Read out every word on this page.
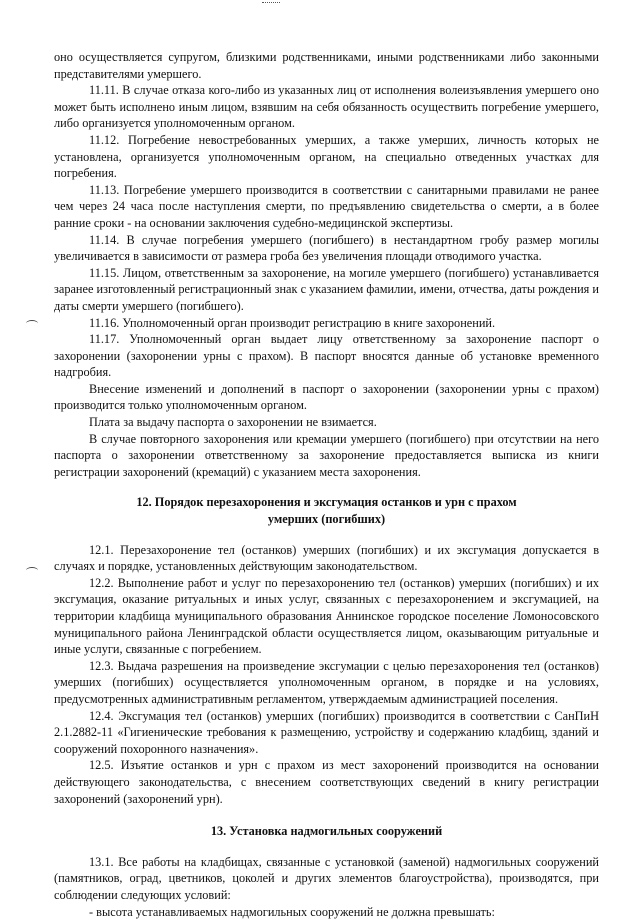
оно осуществляется супругом, близкими родственниками, иными родственниками либо законными представителями умершего.

11.11. В случае отказа кого-либо из указанных лиц от исполнения волеизъявления умершего оно может быть исполнено иным лицом, взявшим на себя обязанность осуществить погребение умершего, либо организуется уполномоченным органом.

11.12. Погребение невостребованных умерших, а также умерших, личность которых не установлена, организуется уполномоченным органом, на специально отведенных участках для погребения.

11.13. Погребение умершего производится в соответствии с санитарными правилами не ранее чем через 24 часа после наступления смерти, по предъявлению свидетельства о смерти, а в более ранние сроки - на основании заключения судебно-медицинской экспертизы.

11.14. В случае погребения умершего (погибшего) в нестандартном гробу размер могилы увеличивается в зависимости от размера гроба без увеличения площади отводимого участка.

11.15. Лицом, ответственным за захоронение, на могиле умершего (погибшего) устанавливается заранее изготовленный регистрационный знак с указанием фамилии, имени, отчества, даты рождения и даты смерти умершего (погибшего).

11.16. Уполномоченный орган производит регистрацию в книге захоронений.

11.17. Уполномоченный орган выдает лицу ответственному за захоронение паспорт о захоронении (захоронении урны с прахом). В паспорт вносятся данные об установке временного надгробия.

Внесение изменений и дополнений в паспорт о захоронении (захоронении урны с прахом) производится только уполномоченным органом.

Плата за выдачу паспорта о захоронении не взимается.

В случае повторного захоронения или кремации умершего (погибшего) при отсутствии на него паспорта о захоронении ответственному за захоронение предоставляется выписка из книги регистрации захоронений (кремаций) с указанием места захоронения.

12. Порядок перезахоронения и эксгумация останков и урн с прахом умерших (погибших)

12.1. Перезахоронение тел (останков) умерших (погибших) и их эксгумация допускается в случаях и порядке, установленных действующим законодательством.

12.2. Выполнение работ и услуг по перезахоронению тел (останков) умерших (погибших) и их эксгумация, оказание ритуальных и иных услуг, связанных с перезахоронением и эксгумацией, на территории кладбища муниципального образования Аннинское городское поселение Ломоносовского муниципального района Ленинградской области осуществляется лицом, оказывающим ритуальные и иные услуги, связанные с погребением.

12.3. Выдача разрешения на произведение эксгумации с целью перезахоронения тел (останков) умерших (погибших) осуществляется уполномоченным органом, в порядке и на условиях, предусмотренных административным регламентом, утверждаемым администрацией поселения.

12.4. Эксгумация тел (останков) умерших (погибших) производится в соответствии с СанПиН 2.1.2882-11 «Гигиенические требования к размещению, устройству и содержанию кладбищ, зданий и сооружений похоронного назначения».

12.5. Изъятие останков и урн с прахом из мест захоронений производится на основании действующего законодательства, с внесением соответствующих сведений в книгу регистрации захоронений (захоронений урн).

13. Установка надмогильных сооружений

13.1. Все работы на кладбищах, связанные с установкой (заменой) надмогильных сооружений (памятников, оград, цветников, цоколей и других элементов благоустройства), производятся, при соблюдении следующих условий:

- высота устанавливаемых надмогильных сооружений не должна превышать:
